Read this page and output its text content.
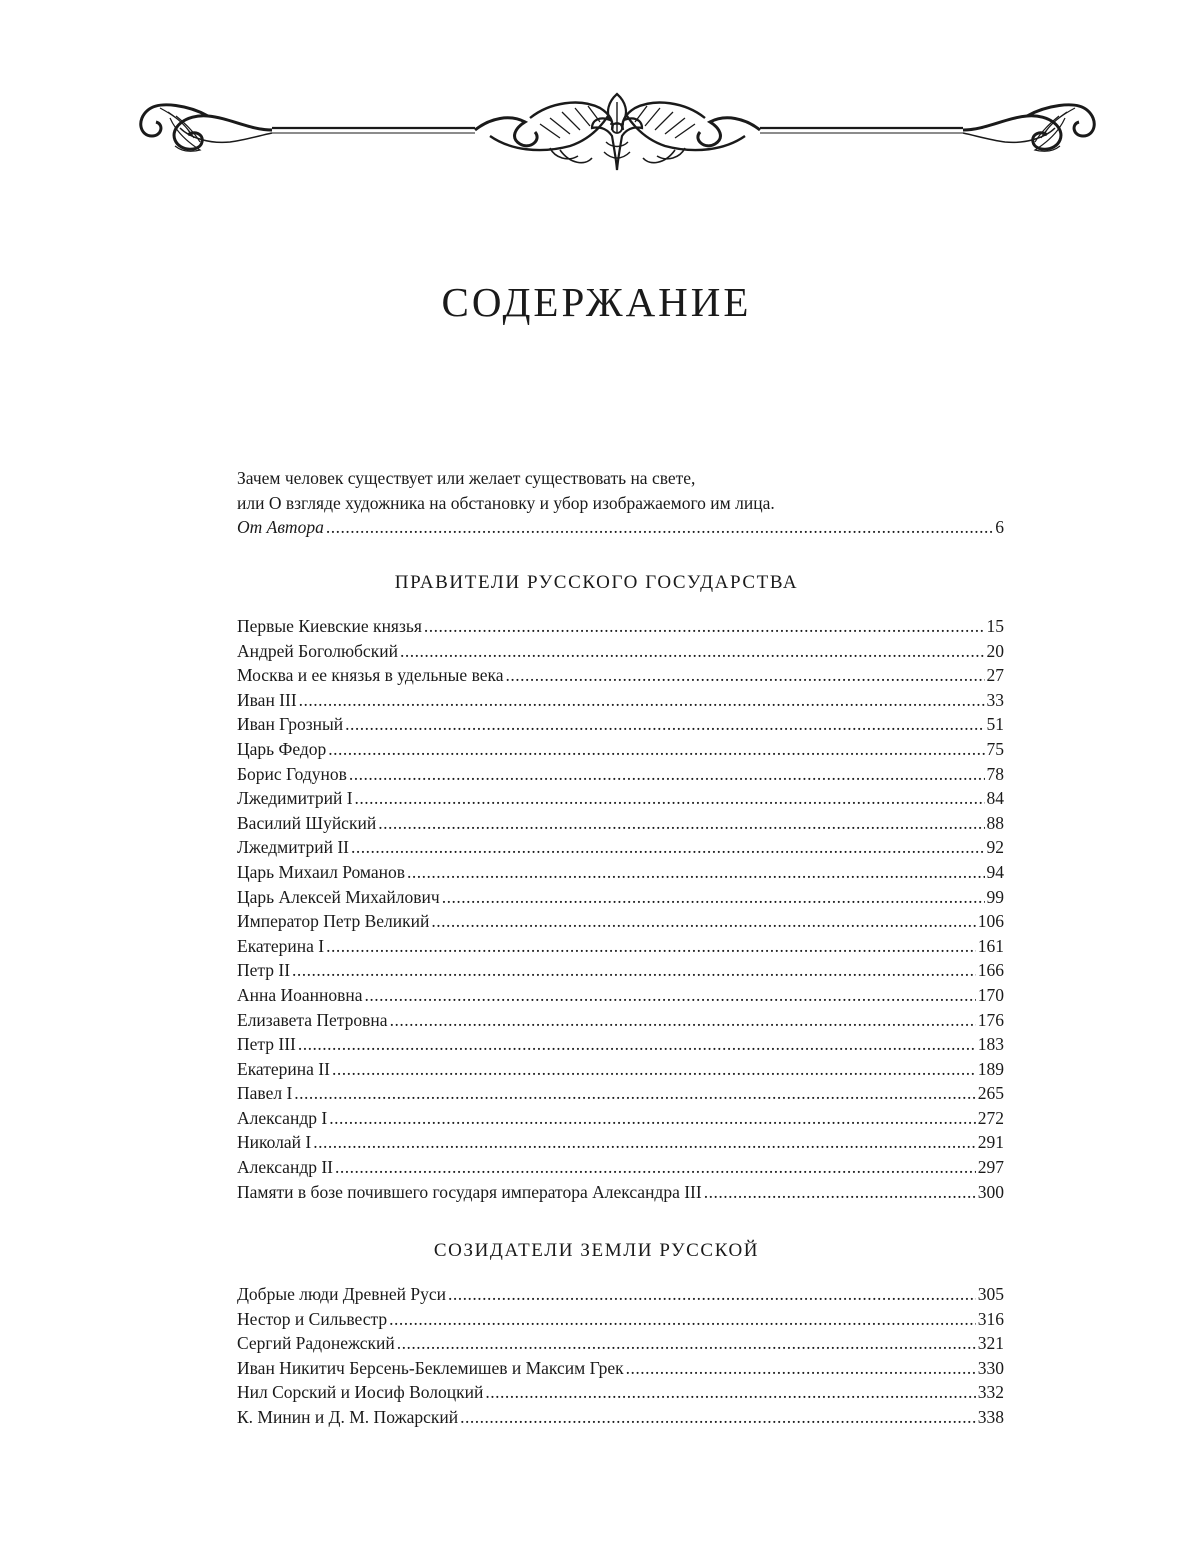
СОДЕРЖАНИЕ
Зачем человек существует или желает существовать на свете,
или О взгляде художника на обстановку и убор изображаемого им лица.
От Автора .....	6
ПРАВИТЕЛИ РУССКОГО ГОСУДАРСТВА
Первые Киевские князья .....	15
Андрей Боголюбский .....	20
Москва и ее князья в удельные века .....	27
Иван III .....	33
Иван Грозный .....	51
Царь Федор .....	75
Борис Годунов .....	78
Лжедимитрий I .....	84
Василий Шуйский .....	88
Лжедмитрий II .....	92
Царь Михаил Романов .....	94
Царь Алексей Михайлович .....	99
Император Петр Великий .....	106
Екатерина I .....	161
Петр II .....	166
Анна Иоанновна .....	170
Елизавета Петровна .....	176
Петр III .....	183
Екатерина II .....	189
Павел I .....	265
Александр I .....	272
Николай I .....	291
Александр II .....	297
Памяти в бозе почившего государя императора Александра III .....	300
СОЗИДАТЕЛИ ЗЕМЛИ РУССКОЙ
Добрые люди Древней Руси .....	305
Нестор и Сильвестр .....	316
Сергий Радонежский .....	321
Иван Никитич Берсень-Беклемишев и Максим Грек .....	330
Нил Сорский и Иосиф Волоцкий .....	332
К. Минин и Д. М. Пожарский .....	338
